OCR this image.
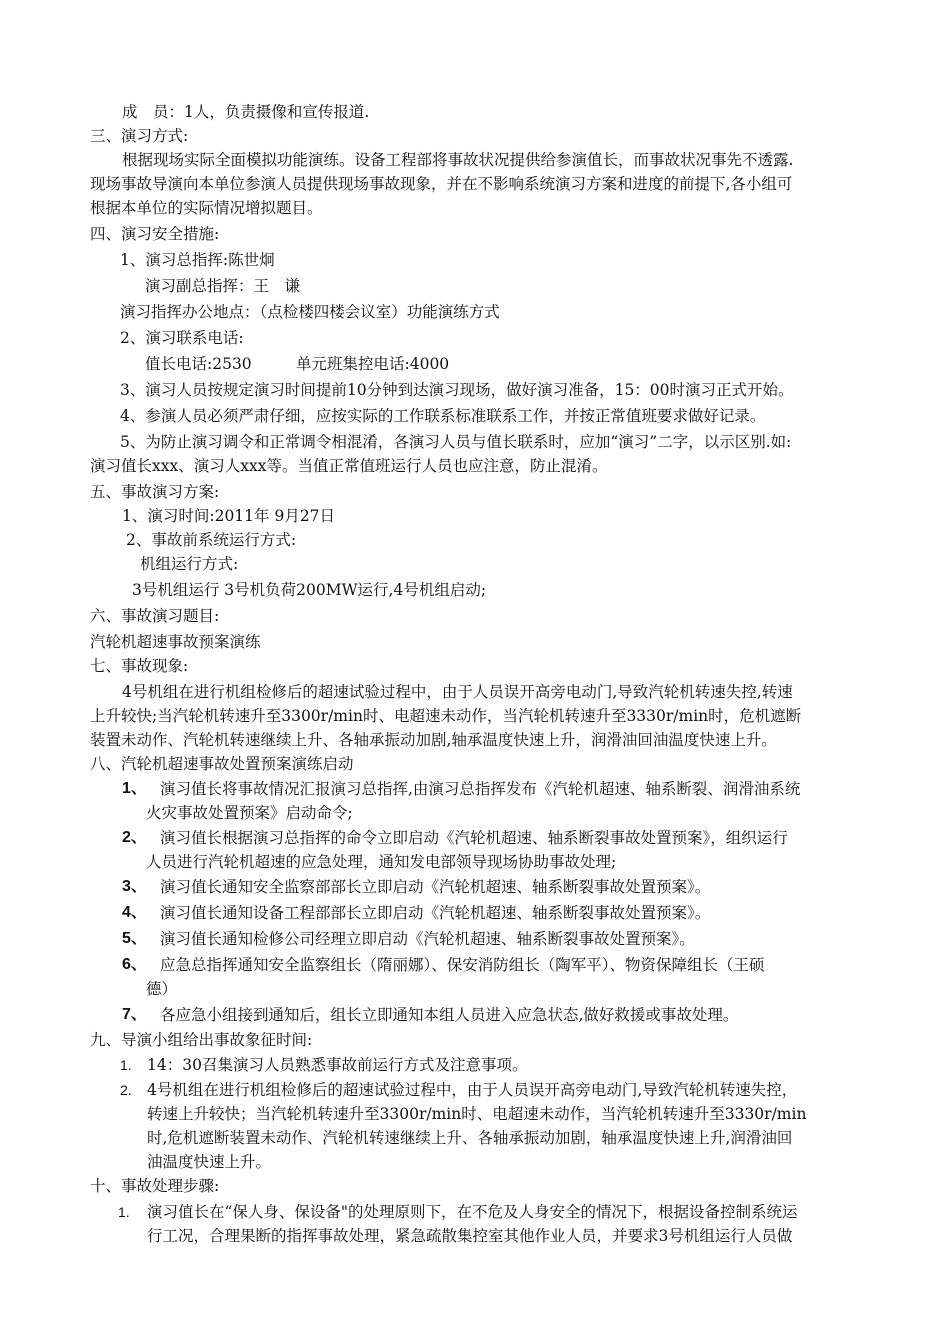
成　员：1人，负责摄像和宣传报道.
三、演习方式:
根据现场实际全面模拟功能演练。设备工程部将事故状况提供给参演值长，而事故状况事先不透露.
现场事故导演向本单位参演人员提供现场事故现象，并在不影响系统演习方案和进度的前提下,各小组可
根据本单位的实际情况增拟题目。
四、演习安全措施:
1、演习总指挥:陈世炯
演习副总指挥：王　谦
演习指挥办公地点：（点检楼四楼会议室）功能演练方式
2、演习联系电话:
值长电话:2530	单元班集控电话:4000
3、演习人员按规定演习时间提前10分钟到达演习现场，做好演习准备，15：00时演习正式开始。
4、参演人员必须严肃仔细，应按实际的工作联系标准联系工作，并按正常值班要求做好记录。
5、为防止演习调令和正常调令相混淆，各演习人员与值长联系时，应加“演习”二字，以示区别.如:
演习值长xxx、演习人xxx等。当值正常值班运行人员也应注意，防止混淆。
五、事故演习方案:
1、演习时间:2011年 9月27日
2、事故前系统运行方式:
机组运行方式:
3号机组运行 3号机负荷200MW运行,4号机组启动;
六、事故演习题目:
汽轮机超速事故预案演练
七、事故现象:
4号机组在进行机组检修后的超速试验过程中，由于人员误开高旁电动门,导致汽轮机转速失控,转速
上升较快;当汽轮机转速升至3300r/min时、电超速未动作，当汽轮机转速升至3330r/min时，危机遮断
装置未动作、汽轮机转速继续上升、各轴承振动加剧,轴承温度快速上升，润滑油回油温度快速上升。
八、汽轮机超速事故处置预案演练启动
1、 演习值长将事故情况汇报演习总指挥,由演习总指挥发布《汽轮机超速、轴系断裂、润滑油系统
火灾事故处置预案》启动命令;
2、 演习值长根据演习总指挥的命令立即启动《汽轮机超速、轴系断裂事故处置预案》，组织运行
人员进行汽轮机超速的应急处理，通知发电部领导现场协助事故处理;
3、 演习值长通知安全监察部部长立即启动《汽轮机超速、轴系断裂事故处置预案》。
4、 演习值长通知设备工程部部长立即启动《汽轮机超速、轴系断裂事故处置预案》。
5、 演习值长通知检修公司经理立即启动《汽轮机超速、轴系断裂事故处置预案》。
6、 应急总指挥通知安全监察组长（隋丽娜）、保安消防组长（陶军平）、物资保障组长（王硕
德）
7、 各应急小组接到通知后，组长立即通知本组人员进入应急状态,做好救援或事故处理。
九、导演小组给出事故象征时间:
1. 14：30召集演习人员熟悉事故前运行方式及注意事项。
2. 4号机组在进行机组检修后的超速试验过程中，由于人员误开高旁电动门,导致汽轮机转速失控，
转速上升较快；当汽轮机转速升至3300r/min时、电超速未动作，当汽轮机转速升至3330r/min
时,危机遮断装置未动作、汽轮机转速继续上升、各轴承振动加剧，轴承温度快速上升,润滑油回
油温度快速上升。
十、事故处理步骤:
1. 演习值长在“保人身、保设备"的处理原则下，在不危及人身安全的情况下，根据设备控制系统运
行工况，合理果断的指挥事故处理，紧急疏散集控室其他作业人员，并要求3号机组运行人员做
